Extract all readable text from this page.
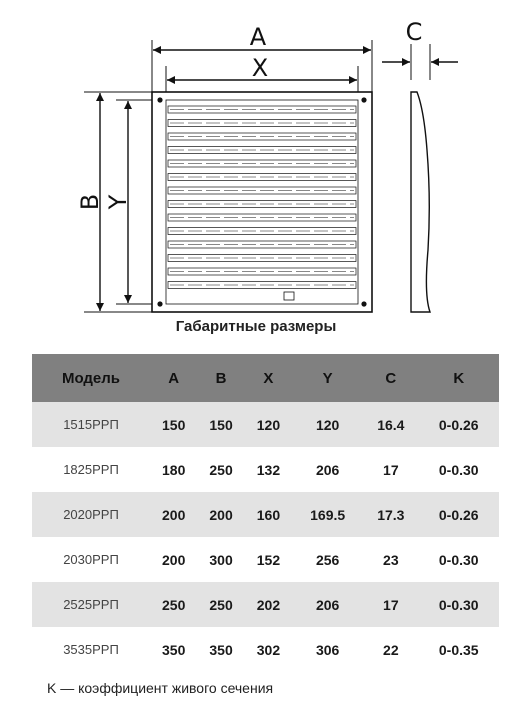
A
X
C
B Y
Габаритные размеры
Модель	A	B	X	Y	C	K
1515РРП	150	150	120	120	16.4	0-0.26
1825РРП	180	250	132	206	17	0-0.30
2020РРП	200	200	160	169.5	17.3	0-0.26
2030РРП	200	300	152	256	23	0-0.30
2525РРП	250	250	202	206	17	0-0.30
3535РРП	350	350	302	306	22	0-0.35
K — коэффициент живого сечения
